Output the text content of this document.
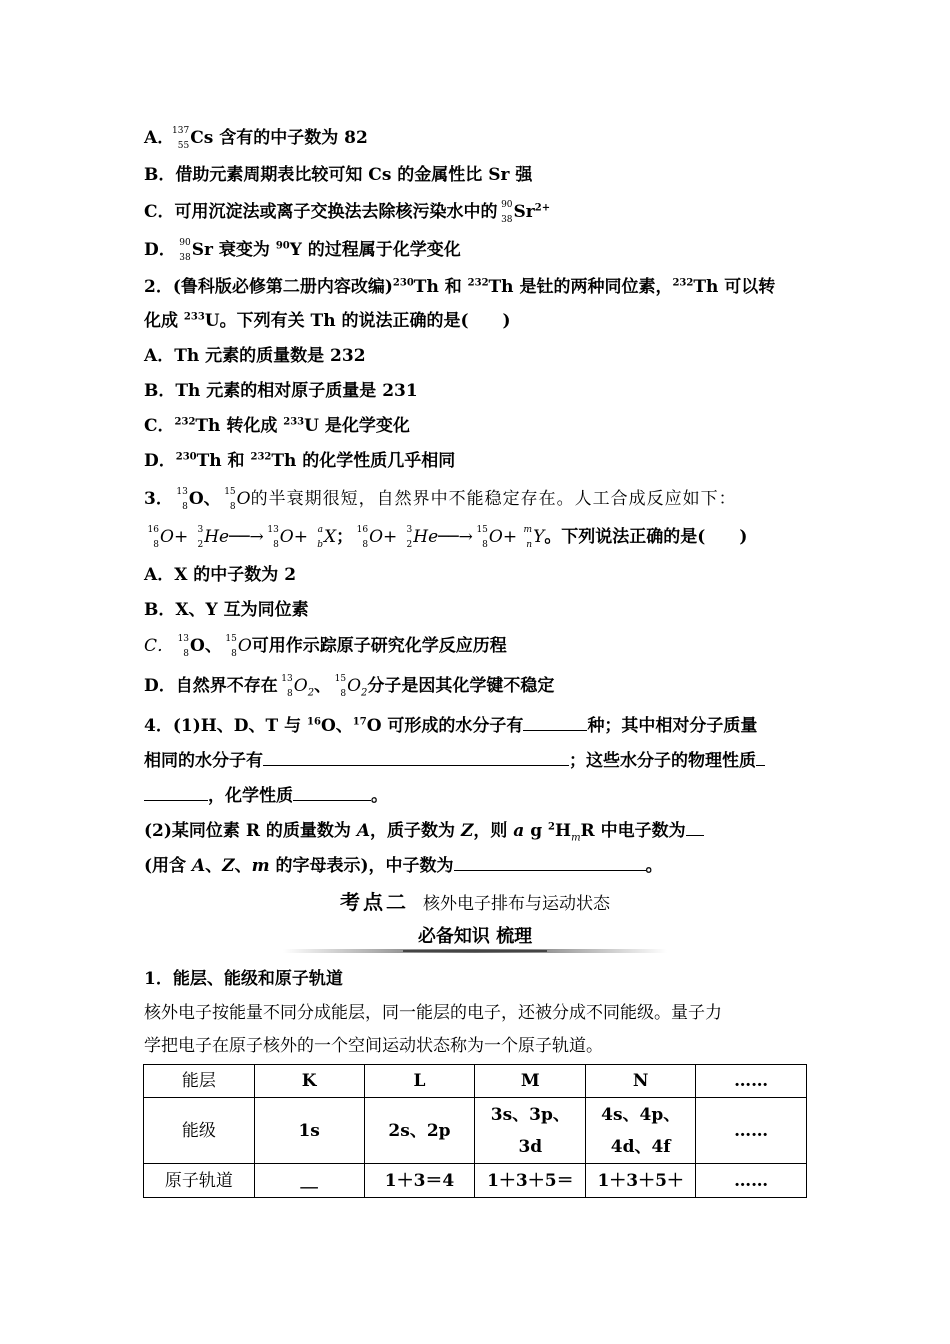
A．
137
55 Cs 含有的中子数为 82
B．借助元素周期表比较可知 Cs 的金属性比 Sr 强
C．可用沉淀法或离子交换法去除核污染水中的 90
38 $Sr^{2+}$
D． 90
38 Sr 衰变为 $^{90}$Y 的过程属于化学变化
2．(鲁科版必修第二册内容改编)$^{230}$Th 和 $^{232}$Th 是钍的两种同位素，$^{232}$Th 可以转
化成 $^{233}$U。下列有关 Th 的说法正确的是(　　)
A．Th 元素的质量数是 232
B．Th 元素的相对原子质量是 231
C．$^{232}$Th 转化成 $^{233}$U 是化学变化
D．$^{230}$Th 和 $^{232}$Th 的化学性质几乎相同
3． 13
8 O、 15
8 O的半衰期很短，自然界中不能稳定存在。人工合成反应如下：
16
8 O+ 3
2 He──→ 13
8 O+ a
b X； 16
8 O+ 3
2 He──→ 15
8 O+ m
n Y。下列说法正确的是(　　)
A．X 的中子数为 2
B．X、Y 互为同位素
C． 13
8 O、 15
8 O可用作示踪原子研究化学反应历程
D．自然界不存在 13
8 $O_2$、 15
8 $O_2$分子是因其化学键不稳定
4．(1)H、D、T 与 $^{16}$O、$^{17}$O 可形成的水分子有	种；其中相对分子质量
相同的水分子有	；这些水分子的物理性质
，化学性质	。
(2)某同位素 R 的质量数为 A，质子数为 Z，则 a g $^2H_mR$ 中电子数为
(用含 A、Z、m 的字母表示)，中子数为	。
考点二 核外电子排布与运动状态
必备知识 梳理
1．能层、能级和原子轨道
核外电子按能量不同分成能层，同一能层的电子，还被分成不同能级。量子力
学把电子在原子核外的一个空间运动状态称为一个原子轨道。
能层	K	L	M	N	……
能级	1s	2s、2p	3s、3p、3d	4s、4p、4d、4f	……
原子轨道	＿	1＋3＝4	1＋3＋5＝	1＋3＋5＋	……
